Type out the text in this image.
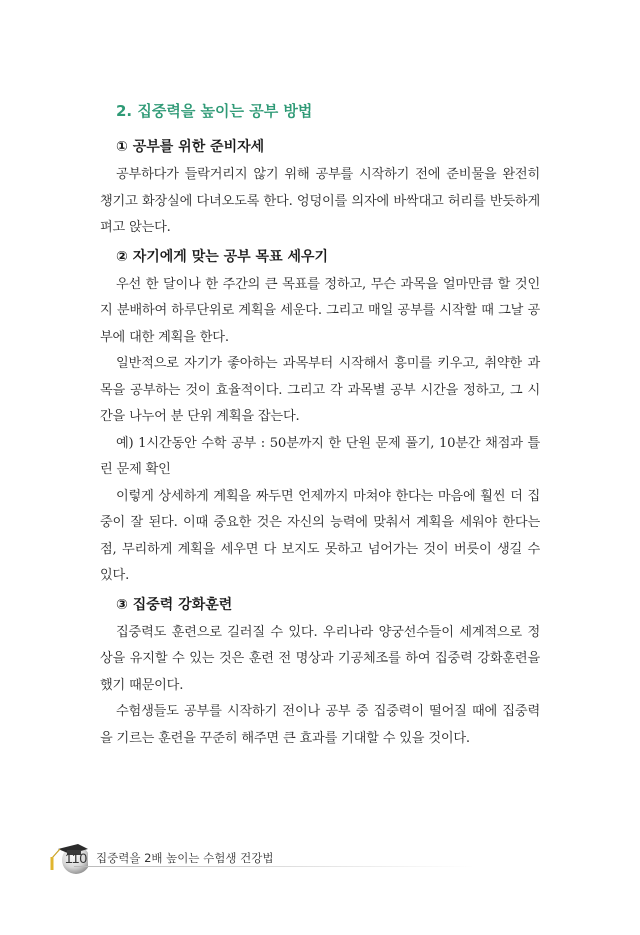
2. 집중력을 높이는 공부 방법
① 공부를 위한 준비자세

공부하다가 들락거리지 않기 위해 공부를 시작하기 전에 준비물을 완전히 챙기고 화장실에 다녀오도록 한다. 엉덩이를 의자에 바싹대고 허리를 반듯하게 펴고 앉는다.

② 자기에게 맞는 공부 목표 세우기

우선 한 달이나 한 주간의 큰 목표를 정하고, 무슨 과목을 얼마만큼 할 것인지 분배하여 하루단위로 계획을 세운다. 그리고 매일 공부를 시작할 때 그날 공부에 대한 계획을 한다.

일반적으로 자기가 좋아하는 과목부터 시작해서 흥미를 키우고, 취약한 과목을 공부하는 것이 효율적이다. 그리고 각 과목별 공부 시간을 정하고, 그 시간을 나누어 분 단위 계획을 잡는다.

예) 1시간동안 수학 공부 : 50분까지 한 단원 문제 풀기, 10분간 채점과 틀린 문제 확인

이렇게 상세하게 계획을 짜두면 언제까지 마쳐야 한다는 마음에 훨씬 더 집중이 잘 된다. 이때 중요한 것은 자신의 능력에 맞춰서 계획을 세워야 한다는 점, 무리하게 계획을 세우면 다 보지도 못하고 넘어가는 것이 버릇이 생길 수 있다.

③ 집중력 강화훈련

집중력도 훈련으로 길러질 수 있다. 우리나라 양궁선수들이 세계적으로 정상을 유지할 수 있는 것은 훈련 전 명상과 기공체조를 하여 집중력 강화훈련을 했기 때문이다.

수험생들도 공부를 시작하기 전이나 공부 중 집중력이 떨어질 때에 집중력을 기르는 훈련을 꾸준히 해주면 큰 효과를 기대할 수 있을 것이다.

110 집중력을 2배 높이는 수험생 건강법
